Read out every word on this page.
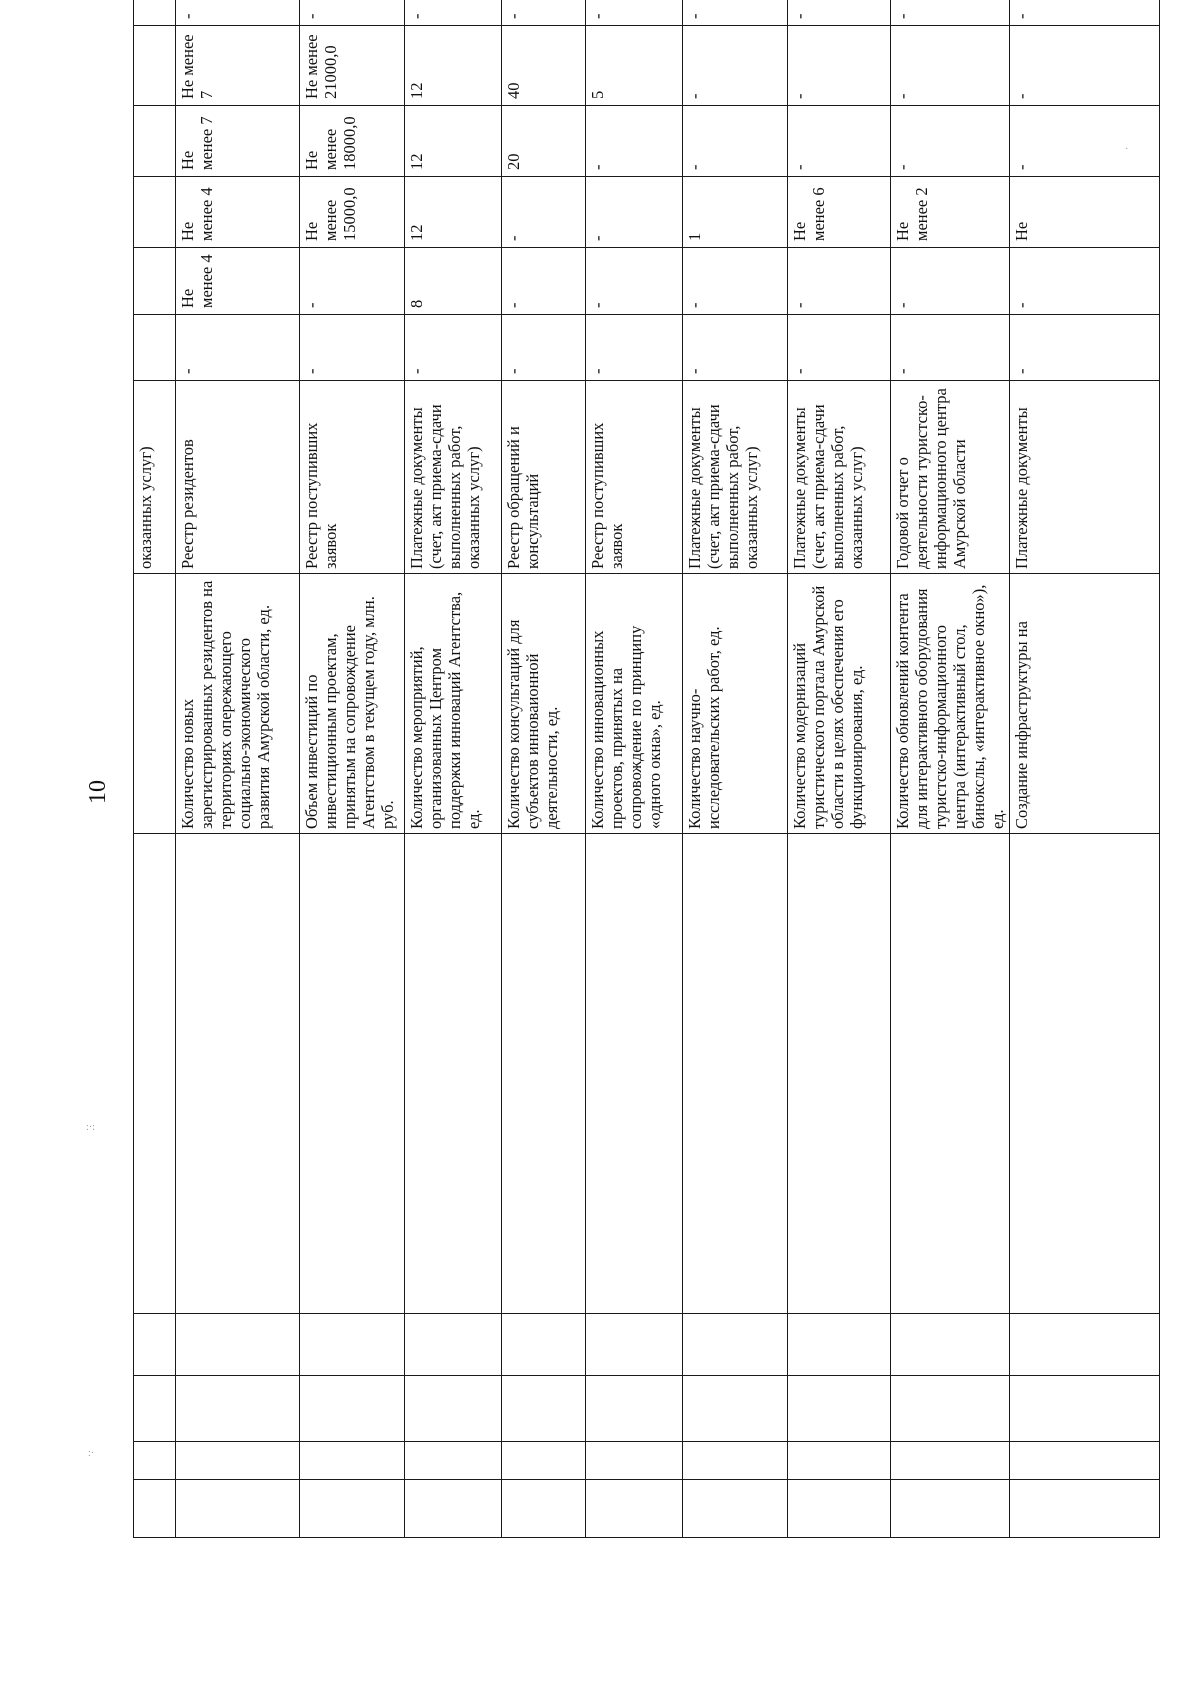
10
:·:
:·
·
						оказанных услуг)							
					Количество новых зарегистрированных резидентов на территориях опережающего социально-экономического развития Амурской области, ед.	Реестр резидентов	-	Не менее 4	Не менее 4	Не менее 7	Не менее 7	-	
					Объем инвестиций по инвестиционным проектам, принятым на сопровождение Агентством в текущем году, млн. руб.	Реестр поступивших заявок	-	-	Не менее 15000,0	Не менее 18000,0	Не менее 21000,0	-	
					Количество мероприятий, организованных Центром поддержки инноваций Агентства, ед.	Платежные документы (счет, акт приема-сдачи выполненных работ, оказанных услуг)	-	8	12	12	12	-	
					Количество консультаций для субъектов инноваионной деятельности, ед.	Реестр обращений и консультаций	-	-	-	20	40	-	
					Количество инновационных проектов, принятых на сопровождение по принципу «одного окна», ед.	Реестр поступивших заявок	-	-	-	-	5	-	
					Количество научно-исследовательских работ, ед.	Платежные документы (счет, акт приема-сдачи выполненных работ, оказанных услуг)	-	-	1	-	-	-	
					Количество модернизаций туристического портала Амурской области в целях обеспечения его функционирования, ед.	Платежные документы (счет, акт приема-сдачи выполненных работ, оказанных услуг)	-	-	Не менее 6	-	-	-	
					Количество обновлений контента для интерактивного оборудования туристско-информационного центра (интерактивный стол, бинокслы, «интерактивное окно»), ед.	Годовой отчет о деятельности туристско-информационного центра Амурской области	-	-	Не менее 2	-	-	-	
					Создание инфраструктуры на	Платежные документы	-	-	Не	-	-	-	
